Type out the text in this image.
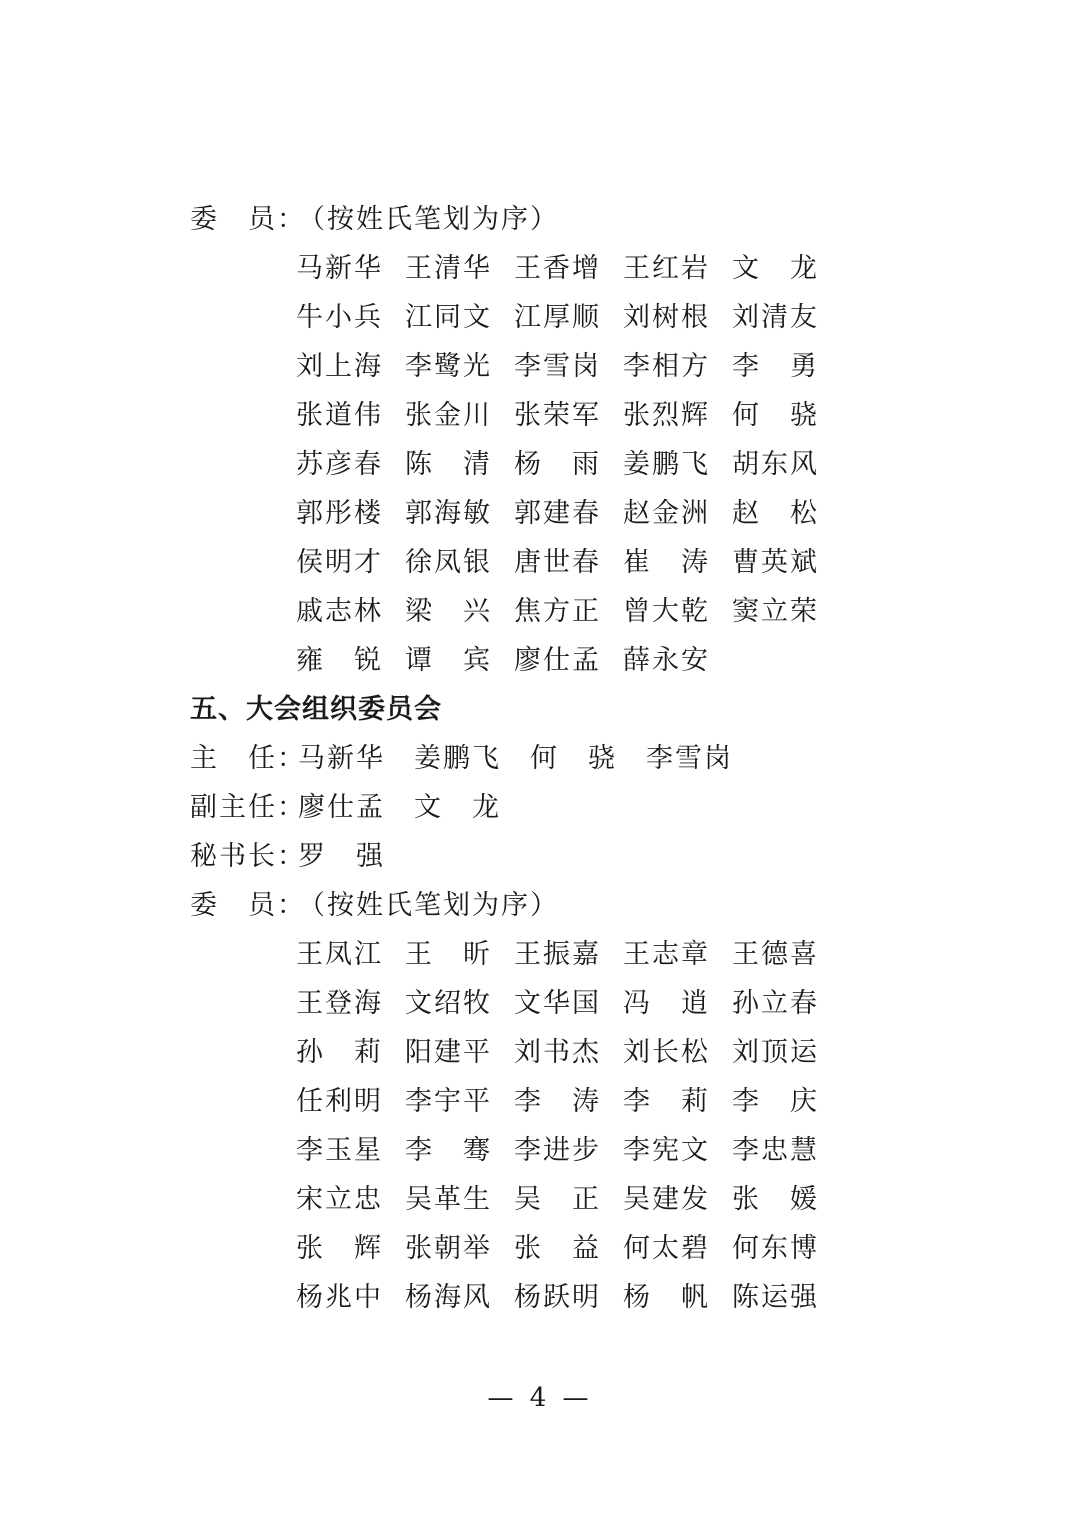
委　员：（按姓氏笔划为序）
马新华 王清华 王香增 王红岩 文　龙
牛小兵 江同文 江厚顺 刘树根 刘清友
刘上海 李鹭光 李雪岗 李相方 李　勇
张道伟 张金川 张荣军 张烈辉 何　骁
苏彦春 陈　清 杨　雨 姜鹏飞 胡东风
郭彤楼 郭海敏 郭建春 赵金洲 赵　松
侯明才 徐凤银 唐世春 崔　涛 曹英斌
戚志林 梁　兴 焦方正 曾大乾 窦立荣
雍　锐 谭　宾 廖仕孟 薛永安
五、大会组织委员会
主　任：马新华　姜鹏飞　何　骁　李雪岗
副主任：廖仕孟　文　龙
秘书长：罗　强
委　员：（按姓氏笔划为序）
王凤江 王　昕 王振嘉 王志章 王德喜
王登海 文绍牧 文华国 冯　逍 孙立春
孙　莉 阳建平 刘书杰 刘长松 刘顶运
任利明 李宇平 李　涛 李　莉 李　庆
李玉星 李　骞 李进步 李宪文 李忠慧
宋立忠 吴革生 吴　正 吴建发 张　媛
张　辉 张朝举 张　益 何太碧 何东博
杨兆中 杨海风 杨跃明 杨　帆 陈运强
— 4 —
